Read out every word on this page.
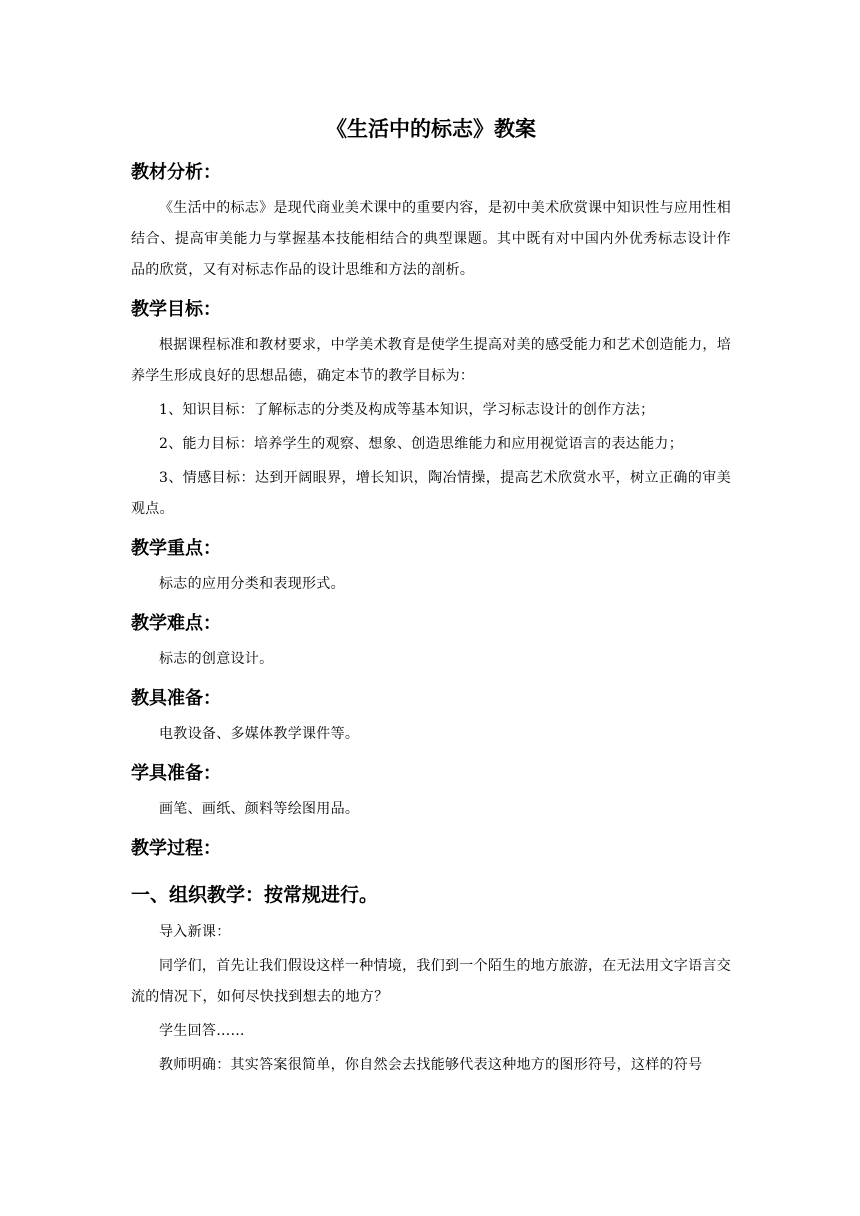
《生活中的标志》教案
教材分析：

《生活中的标志》是现代商业美术课中的重要内容，是初中美术欣赏课中知识性与应用性相结合、提高审美能力与掌握基本技能相结合的典型课题。其中既有对中国内外优秀标志设计作品的欣赏，又有对标志作品的设计思维和方法的剖析。

教学目标：

根据课程标准和教材要求，中学美术教育是使学生提高对美的感受能力和艺术创造能力，培养学生形成良好的思想品德，确定本节的教学目标为：

1、知识目标：了解标志的分类及构成等基本知识，学习标志设计的创作方法；

2、能力目标：培养学生的观察、想象、创造思维能力和应用视觉语言的表达能力；

3、情感目标：达到开阔眼界，增长知识，陶冶情操，提高艺术欣赏水平，树立正确的审美观点。

教学重点：

标志的应用分类和表现形式。

教学难点：

标志的创意设计。

教具准备：

电教设备、多媒体教学课件等。

学具准备：

画笔、画纸、颜料等绘图用品。

教学过程：
一、组织教学：按常规进行。

导入新课：

同学们，首先让我们假设这样一种情境，我们到一个陌生的地方旅游，在无法用文字语言交流的情况下，如何尽快找到想去的地方？

学生回答……

教师明确：其实答案很简单，你自然会去找能够代表这种地方的图形符号，这样的符号
